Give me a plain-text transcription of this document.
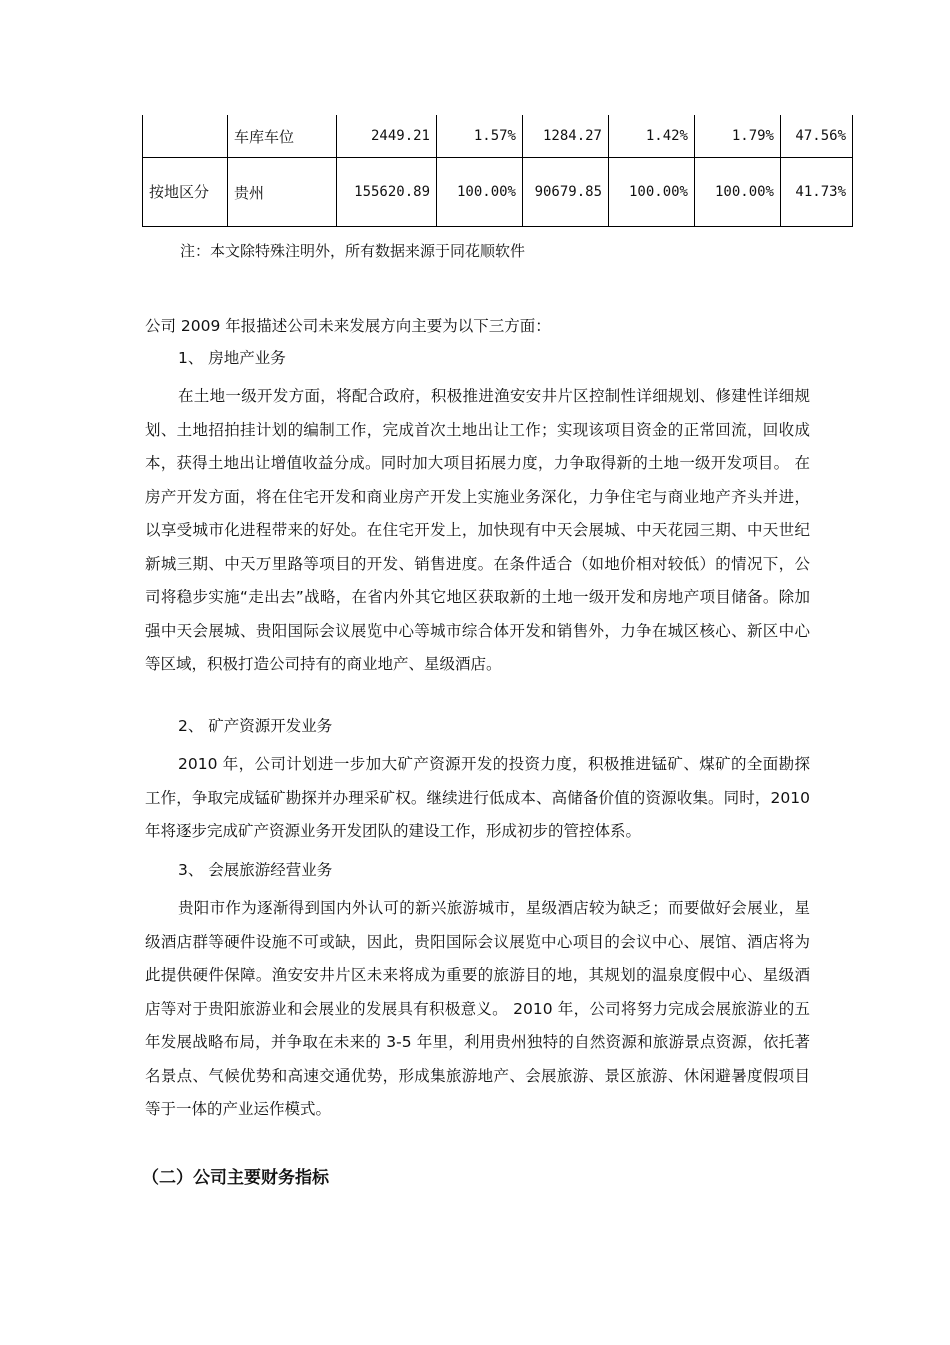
	车库车位	2449.21	1.57%	1284.27	1.42%	1.79%	47.56%
按地区分	贵州	155620.89	100.00%	90679.85	100.00%	100.00%	41.73%
注：本文除特殊注明外，所有数据来源于同花顺软件
公司 2009 年报描述公司未来发展方向主要为以下三方面：
1、 房地产业务
在土地一级开发方面，将配合政府，积极推进渔安安井片区控制性详细规划、修建性详细规划、土地招拍挂计划的编制工作，完成首次土地出让工作；实现该项目资金的正常回流，回收成本，获得土地出让增值收益分成。同时加大项目拓展力度，力争取得新的土地一级开发项目。 在房产开发方面，将在住宅开发和商业房产开发上实施业务深化，力争住宅与商业地产齐头并进，以享受城市化进程带来的好处。在住宅开发上，加快现有中天会展城、中天花园三期、中天世纪新城三期、中天万里路等项目的开发、销售进度。在条件适合（如地价相对较低）的情况下，公司将稳步实施“走出去”战略，在省内外其它地区获取新的土地一级开发和房地产项目储备。除加强中天会展城、贵阳国际会议展览中心等城市综合体开发和销售外，力争在城区核心、新区中心等区域，积极打造公司持有的商业地产、星级酒店。
2、 矿产资源开发业务
2010 年，公司计划进一步加大矿产资源开发的投资力度，积极推进锰矿、煤矿的全面勘探工作，争取完成锰矿勘探并办理采矿权。继续进行低成本、高储备价值的资源收集。同时，2010 年将逐步完成矿产资源业务开发团队的建设工作，形成初步的管控体系。
3、 会展旅游经营业务
贵阳市作为逐渐得到国内外认可的新兴旅游城市，星级酒店较为缺乏；而要做好会展业，星级酒店群等硬件设施不可或缺，因此，贵阳国际会议展览中心项目的会议中心、展馆、酒店将为此提供硬件保障。渔安安井片区未来将成为重要的旅游目的地，其规划的温泉度假中心、星级酒店等对于贵阳旅游业和会展业的发展具有积极意义。 2010 年，公司将努力完成会展旅游业的五年发展战略布局，并争取在未来的 3-5 年里，利用贵州独特的自然资源和旅游景点资源，依托著名景点、气候优势和高速交通优势，形成集旅游地产、会展旅游、景区旅游、休闲避暑度假项目等于一体的产业运作模式。
（二）公司主要财务指标
